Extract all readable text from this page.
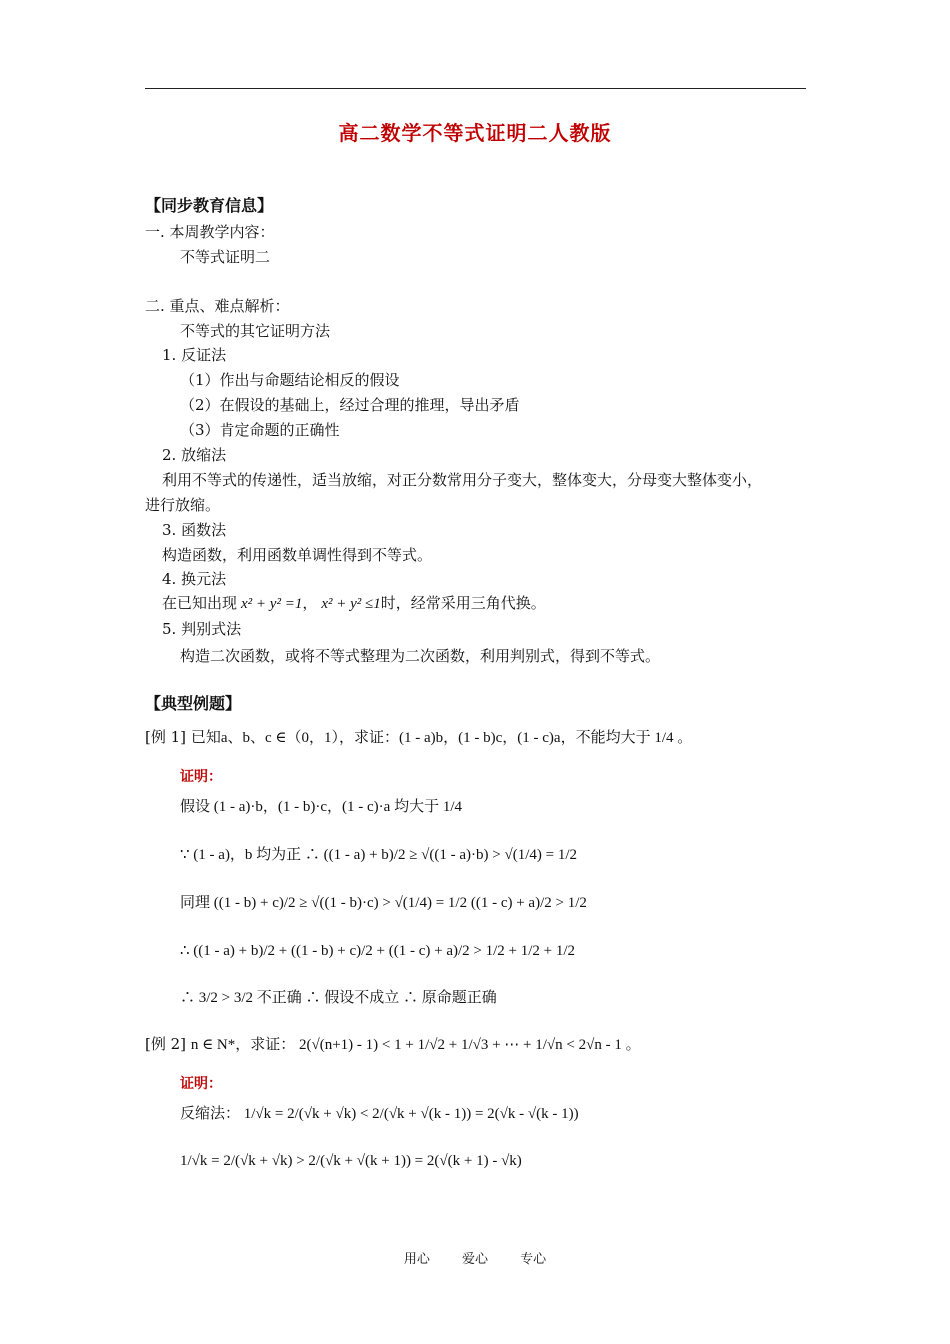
高二数学不等式证明二人教版
【同步教育信息】
一. 本周教学内容：
不等式证明二
二. 重点、难点解析：
不等式的其它证明方法
1. 反证法
（1）作出与命题结论相反的假设
（2）在假设的基础上，经过合理的推理，导出矛盾
（3）肯定命题的正确性
2. 放缩法
利用不等式的传递性，适当放缩，对正分数常用分子变大，整体变大，分母变大整体变小，
进行放缩。
3. 函数法
构造函数，利用函数单调性得到不等式。
4. 换元法
在已知出现 x² + y² =1， x² + y² ≤1时，经常采用三角代换。
5. 判别式法
构造二次函数，或将不等式整理为二次函数，利用判别式，得到不等式。
【典型例题】
[例 1] 已知a、b、c ∈（0，1），求证：(1 - a)b，(1 - b)c，(1 - c)a，不能均大于 1/4 。
证明：
假设 (1 - a)·b，(1 - b)·c，(1 - c)·a 均大于 1/4
∵ (1 - a)，b 均为正 ∴ ((1 - a) + b)/2 ≥ √((1 - a)·b) > √(1/4) = 1/2
同理 ((1 - b) + c)/2 ≥ √((1 - b)·c) > √(1/4) = 1/2 ((1 - c) + a)/2 > 1/2
∴ ((1 - a) + b)/2 + ((1 - b) + c)/2 + ((1 - c) + a)/2 > 1/2 + 1/2 + 1/2
∴ 3/2 > 3/2 不正确 ∴ 假设不成立 ∴ 原命题正确
[例 2] n ∈ N*，求证： 2(√(n+1) - 1) < 1 + 1/√2 + 1/√3 + ⋯ + 1/√n < 2√n - 1 。
证明：
反缩法： 1/√k = 2/(√k + √k) < 2/(√k + √(k - 1)) = 2(√k - √(k - 1))
1/√k = 2/(√k + √k) > 2/(√k + √(k + 1)) = 2(√(k + 1) - √k)
用心 爱心 专心
